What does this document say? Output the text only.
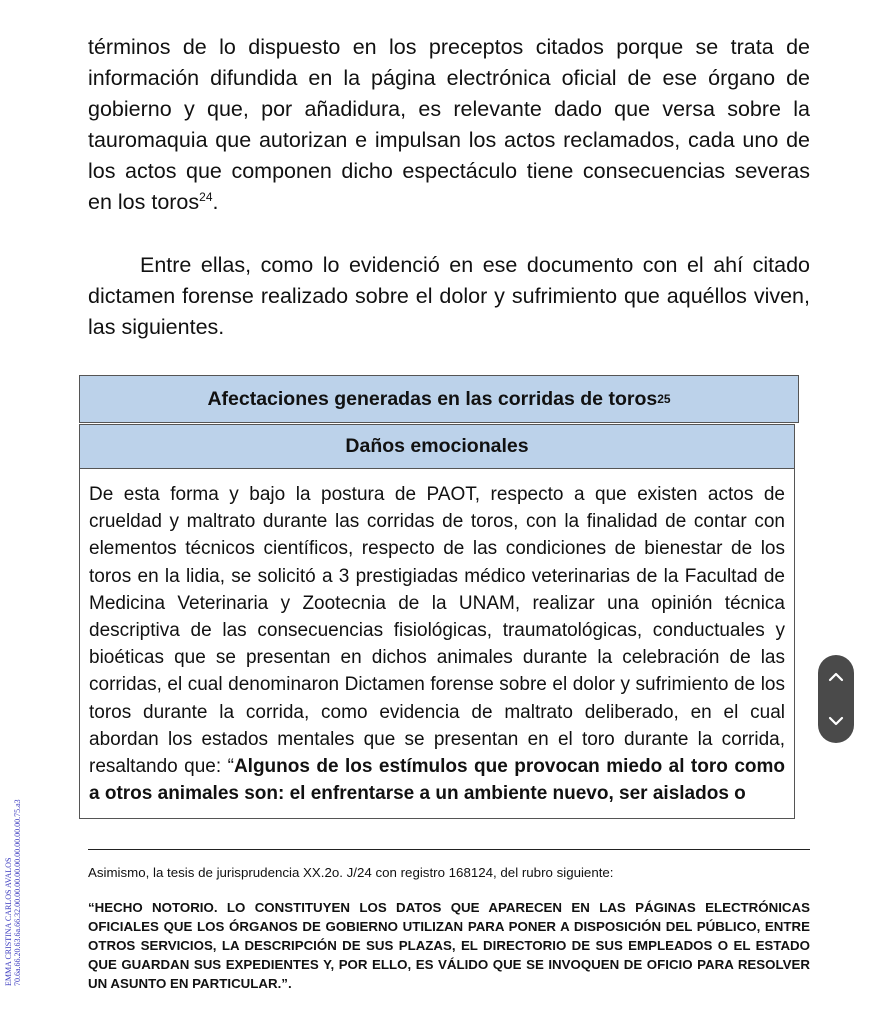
términos de lo dispuesto en los preceptos citados porque se trata de información difundida en la página electrónica oficial de ese órgano de gobierno y que, por añadidura, es relevante dado que versa sobre la tauromaquia que autorizan e impulsan los actos reclamados, cada uno de los actos que componen dicho espectáculo tiene consecuencias severas en los toros$^{24}$.

Entre ellas, como lo evidenció en ese documento con el ahí citado dictamen forense realizado sobre el dolor y sufrimiento que aquéllos viven, las siguientes.

Afectaciones generadas en las corridas de toros 25
Daños emocionales

De esta forma y bajo la postura de PAOT, respecto a que existen actos de crueldad y maltrato durante las corridas de toros, con la finalidad de contar con elementos técnicos científicos, respecto de las condiciones de bienestar de los toros en la lidia, se solicitó a 3 prestigiadas médico veterinarias de la Facultad de Medicina Veterinaria y Zootecnia de la UNAM, realizar una opinión técnica descriptiva de las consecuencias fisiológicas, traumatológicas, conductuales y bioéticas que se presentan en dichos animales durante la celebración de las corridas, el cual denominaron Dictamen forense sobre el dolor y sufrimiento de los toros durante la corrida, como evidencia de maltrato deliberado, en el cual abordan los estados mentales que se presentan en el toro durante la corrida, resaltando que: “Algunos de los estímulos que provocan miedo al toro como a otros animales son: el enfrentarse a un ambiente nuevo, ser aislados o

Asimismo, la tesis de jurisprudencia XX.2o. J/24 con registro 168124, del rubro siguiente:
“HECHO NOTORIO. LO CONSTITUYEN LOS DATOS QUE APARECEN EN LAS PÁGINAS ELECTRÓNICAS OFICIALES QUE LOS ÓRGANOS DE GOBIERNO UTILIZAN PARA PONER A DISPOSICIÓN DEL PÚBLICO, ENTRE OTROS SERVICIOS, LA DESCRIPCIÓN DE SUS PLAZAS, EL DIRECTORIO DE SUS EMPLEADOS O EL ESTADO QUE GUARDAN SUS EXPEDIENTES Y, POR ELLO, ES VÁLIDO QUE SE INVOQUEN DE OFICIO PARA RESOLVER UN ASUNTO EN PARTICULAR.”.
EMMA CRISTINA CARLOS AVALOS 70.6a.66.20.63.6a.66.32.00.00.00.00.00.00.00.00.00.75.a3
